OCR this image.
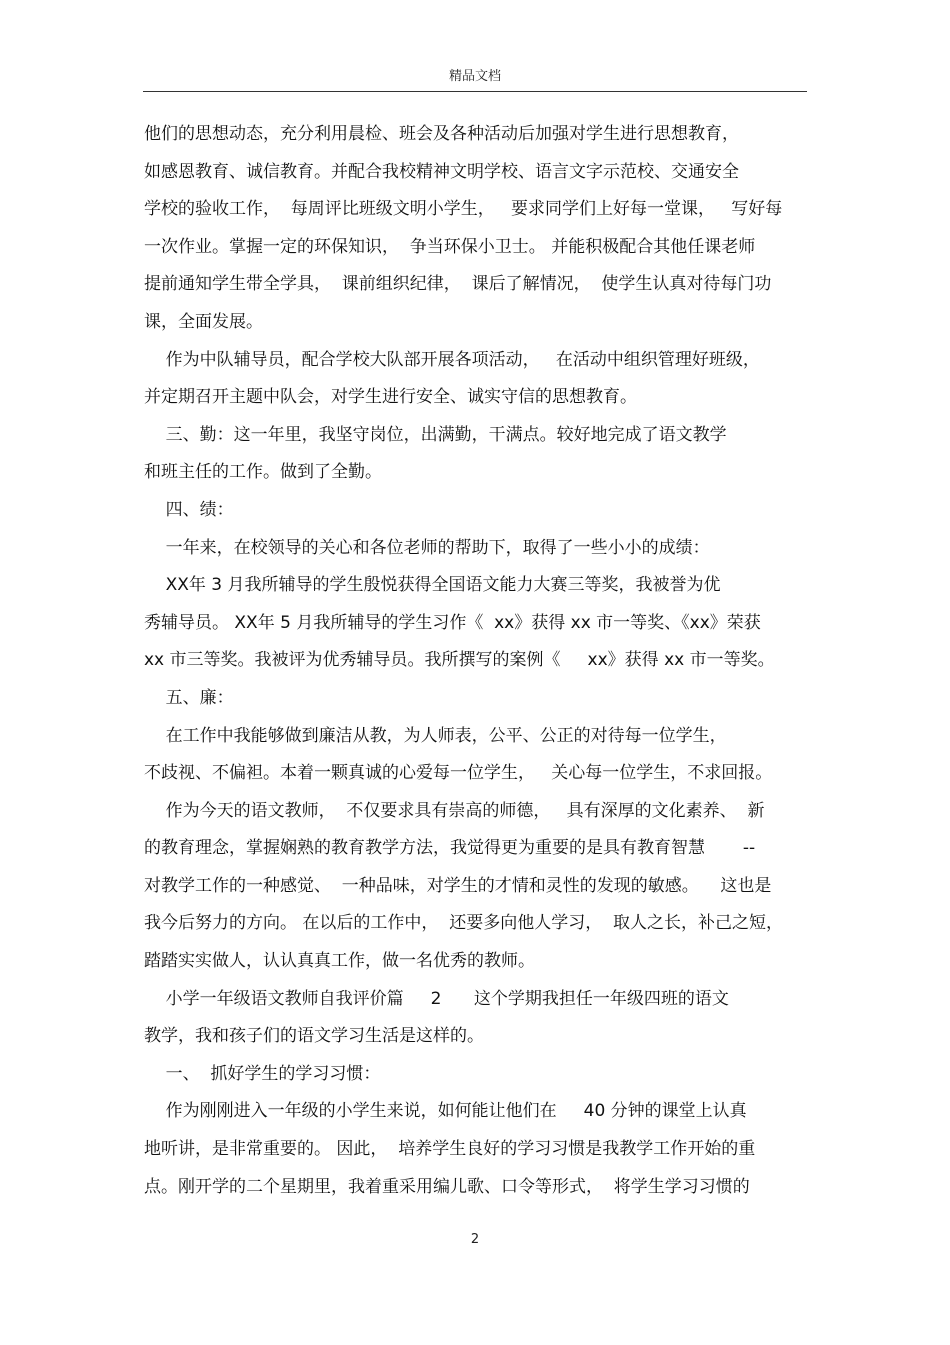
精品文档
他们的思想动态，充分利用晨检、班会及各种活动后加强对学生进行思想教育，
如感恩教育、诚信教育。并配合我校精神文明学校、语言文字示范校、交通安全
学校的验收工作，  每周评比班级文明小学生，   要求同学们上好每一堂课，   写好每
一次作业。掌握一定的环保知识，  争当环保小卫士。 并能积极配合其他任课老师
提前通知学生带全学具，  课前组织纪律，  课后了解情况，  使学生认真对待每门功
课，全面发展。
作为中队辅导员，配合学校大队部开展各项活动，   在活动中组织管理好班级，
并定期召开主题中队会，对学生进行安全、诚实守信的思想教育。
三、勤：这一年里，我坚守岗位，出满勤，干满点。较好地完成了语文教学
和班主任的工作。做到了全勤。
四、绩：
一年来，在校领导的关心和各位老师的帮助下，取得了一些小小的成绩：
XX年 3 月我所辅导的学生殷悦获得全国语文能力大赛三等奖，我被誉为优
秀辅导员。 XX年 5 月我所辅导的学生习作《  xx》获得 xx 市一等奖、《xx》荣获
xx 市三等奖。我被评为优秀辅导员。我所撰写的案例《     xx》获得 xx 市一等奖。
五、廉：
在工作中我能够做到廉洁从教，为人师表，公平、公正的对待每一位学生，
不歧视、不偏袒。本着一颗真诚的心爱每一位学生，   关心每一位学生，不求回报。
作为今天的语文教师，  不仅要求具有崇高的师德，   具有深厚的文化素养、  新
的教育理念，掌握娴熟的教育教学方法，我觉得更为重要的是具有教育智慧       --
对教学工作的一种感觉、  一种品味，对学生的才情和灵性的发现的敏感。    这也是
我今后努力的方向。 在以后的工作中，  还要多向他人学习，  取人之长，补己之短，
踏踏实实做人，认认真真工作，做一名优秀的教师。
小学一年级语文教师自我评价篇     2      这个学期我担任一年级四班的语文
教学，我和孩子们的语文学习生活是这样的。
一、  抓好学生的学习习惯：
作为刚刚进入一年级的小学生来说，如何能让他们在     40 分钟的课堂上认真
地听讲，是非常重要的。 因此，  培养学生良好的学习习惯是我教学工作开始的重
点。刚开学的二个星期里，我着重采用编儿歌、口令等形式，  将学生学习习惯的
2
